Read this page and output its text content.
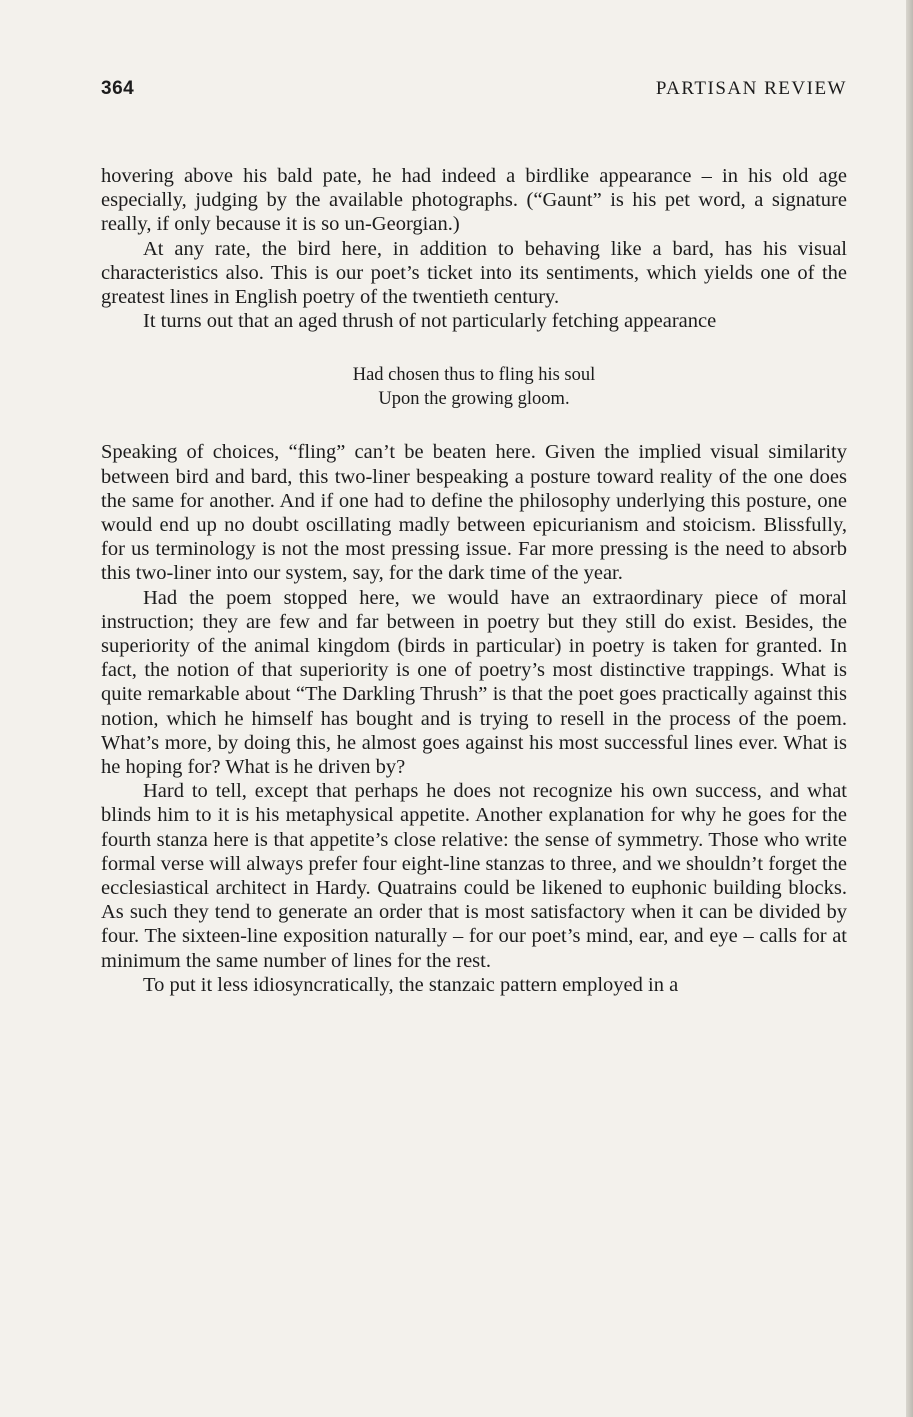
364	PARTISAN REVIEW

hovering above his bald pate, he had indeed a birdlike appearance – in his old age especially, judging by the available photographs. (“Gaunt” is his pet word, a signature really, if only because it is so un-Georgian.)

At any rate, the bird here, in addition to behaving like a bard, has his visual characteristics also. This is our poet’s ticket into its sentiments, which yields one of the greatest lines in English poetry of the twentieth century.

It turns out that an aged thrush of not particularly fetching appearance

Had chosen thus to fling his soul
Upon the growing gloom.

Speaking of choices, “fling” can’t be beaten here. Given the implied visual similarity between bird and bard, this two-liner bespeaking a posture toward reality of the one does the same for another. And if one had to define the philosophy underlying this posture, one would end up no doubt oscillating madly between epicurianism and stoicism. Blissfully, for us terminology is not the most pressing issue. Far more pressing is the need to absorb this two-liner into our system, say, for the dark time of the year.

Had the poem stopped here, we would have an extraordinary piece of moral instruction; they are few and far between in poetry but they still do exist. Besides, the superiority of the animal kingdom (birds in particular) in poetry is taken for granted. In fact, the notion of that superiority is one of poetry’s most distinctive trappings. What is quite remarkable about “The Darkling Thrush” is that the poet goes practically against this notion, which he himself has bought and is trying to resell in the process of the poem. What’s more, by doing this, he almost goes against his most successful lines ever. What is he hoping for? What is he driven by?

Hard to tell, except that perhaps he does not recognize his own success, and what blinds him to it is his metaphysical appetite. Another explanation for why he goes for the fourth stanza here is that appetite’s close relative: the sense of symmetry. Those who write formal verse will always prefer four eight-line stanzas to three, and we shouldn’t forget the ecclesiastical architect in Hardy. Quatrains could be likened to euphonic building blocks. As such they tend to generate an order that is most satisfactory when it can be divided by four. The sixteen-line exposition naturally – for our poet’s mind, ear, and eye – calls for at minimum the same number of lines for the rest.

To put it less idiosyncratically, the stanzaic pattern employed in a
